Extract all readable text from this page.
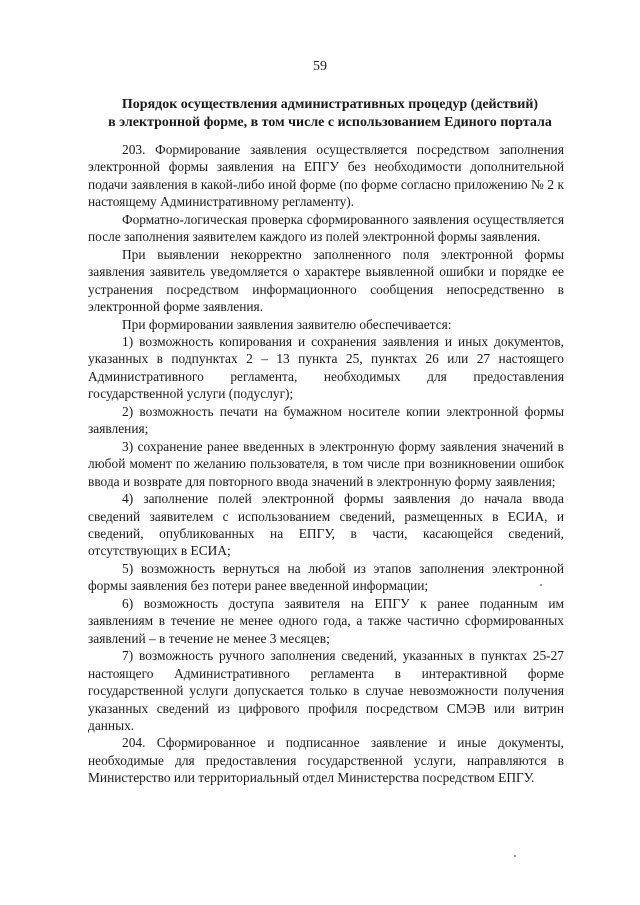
59
Порядок осуществления административных процедур (действий)
в электронной форме, в том числе с использованием Единого портала

203. Формирование заявления осуществляется посредством заполнения электронной формы заявления на ЕПГУ без необходимости дополнительной подачи заявления в какой-либо иной форме (по форме согласно приложению № 2 к настоящему Административному регламенту).

Форматно-логическая проверка сформированного заявления осуществляется после заполнения заявителем каждого из полей электронной формы заявления.

При выявлении некорректно заполненного поля электронной формы заявления заявитель уведомляется о характере выявленной ошибки и порядке ее устранения посредством информационного сообщения непосредственно в электронной форме заявления.

При формировании заявления заявителю обеспечивается:

1) возможность копирования и сохранения заявления и иных документов, указанных в подпунктах 2 – 13 пункта 25, пунктах 26 или 27 настоящего Административного регламента, необходимых для предоставления государственной услуги (подуслуг);

2) возможность печати на бумажном носителе копии электронной формы заявления;

3) сохранение ранее введенных в электронную форму заявления значений в любой момент по желанию пользователя, в том числе при возникновении ошибок ввода и возврате для повторного ввода значений в электронную форму заявления;

4) заполнение полей электронной формы заявления до начала ввода сведений заявителем с использованием сведений, размещенных в ЕСИА, и сведений, опубликованных на ЕПГУ, в части, касающейся сведений, отсутствующих в ЕСИА;

5) возможность вернуться на любой из этапов заполнения электронной формы заявления без потери ранее введенной информации;

6) возможность доступа заявителя на ЕПГУ к ранее поданным им заявлениям в течение не менее одного года, а также частично сформированных заявлений – в течение не менее 3 месяцев;

7) возможность ручного заполнения сведений, указанных в пунктах 25-27 настоящего Административного регламента в интерактивной форме государственной услуги допускается только в случае невозможности получения указанных сведений из цифрового профиля посредством СМЭВ или витрин данных.

204. Сформированное и подписанное заявление и иные документы, необходимые для предоставления государственной услуги, направляются в Министерство или территориальный отдел Министерства посредством ЕПГУ.
